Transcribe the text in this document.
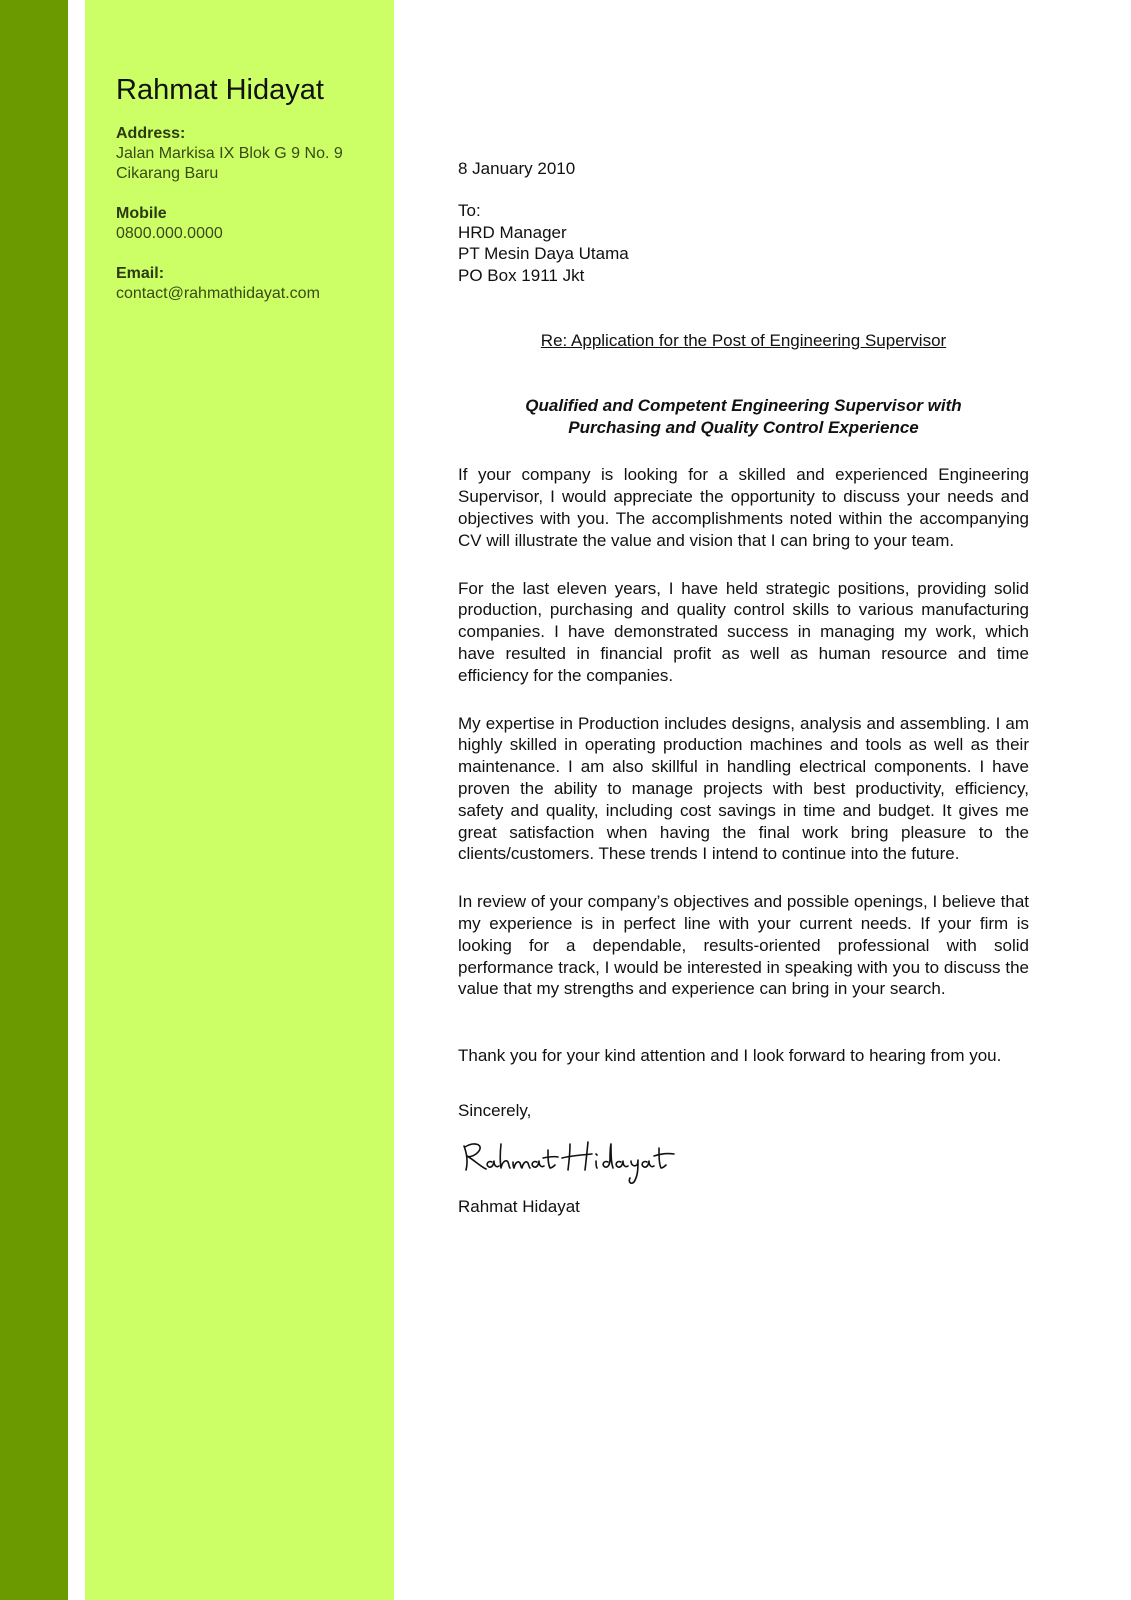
Rahmat Hidayat
Address:
Jalan Markisa IX Blok G 9 No. 9
Cikarang Baru
Mobile
0800.000.0000
Email:
contact@rahmathidayat.com
8 January 2010
To:
HRD Manager
PT Mesin Daya Utama
PO Box 1911 Jkt
Re: Application for the Post of Engineering Supervisor
Qualified and Competent Engineering Supervisor with
Purchasing and Quality Control Experience

If your company is looking for a skilled and experienced Engineering Supervisor, I would appreciate the opportunity to discuss your needs and objectives with you. The accomplishments noted within the accompanying CV will illustrate the value and vision that I can bring to your team.

For the last eleven years, I have held strategic positions, providing solid production, purchasing and quality control skills to various manufacturing companies. I have demonstrated success in managing my work, which have resulted in financial profit as well as human resource and time efficiency for the companies.

My expertise in Production includes designs, analysis and assembling. I am highly skilled in operating production machines and tools as well as their maintenance. I am also skillful in handling electrical components. I have proven the ability to manage projects with best productivity, efficiency, safety and quality, including cost savings in time and budget. It gives me great satisfaction when having the final work bring pleasure to the clients/customers. These trends I intend to continue into the future.

In review of your company’s objectives and possible openings, I believe that my experience is in perfect line with your current needs. If your firm is looking for a dependable, results-oriented professional with solid performance track, I would be interested in speaking with you to discuss the value that my strengths and experience can bring in your search.

Thank you for your kind attention and I look forward to hearing from you.

Sincerely,
Rahmat Hidayat
